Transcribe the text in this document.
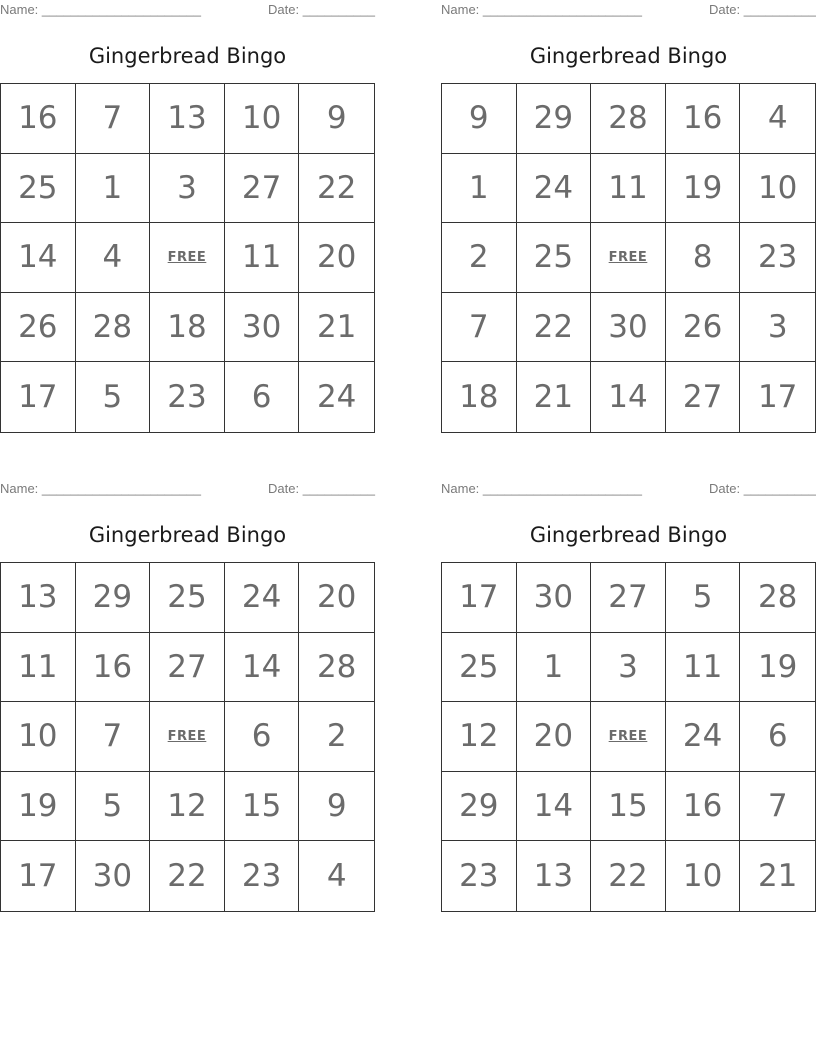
Name: ______________________	Date: __________
Gingerbread Bingo
16	7	13	10	9
25	1	3	27	22
14	4	FREE	11	20
26	28	18	30	21
17	5	23	6	24
Name: ______________________	Date: __________
Gingerbread Bingo
9	29	28	16	4
1	24	11	19	10
2	25	FREE	8	23
7	22	30	26	3
18	21	14	27	17
Name: ______________________	Date: __________
Gingerbread Bingo
13	29	25	24	20
11	16	27	14	28
10	7	FREE	6	2
19	5	12	15	9
17	30	22	23	4
Name: ______________________	Date: __________
Gingerbread Bingo
17	30	27	5	28
25	1	3	11	19
12	20	FREE	24	6
29	14	15	16	7
23	13	22	10	21
